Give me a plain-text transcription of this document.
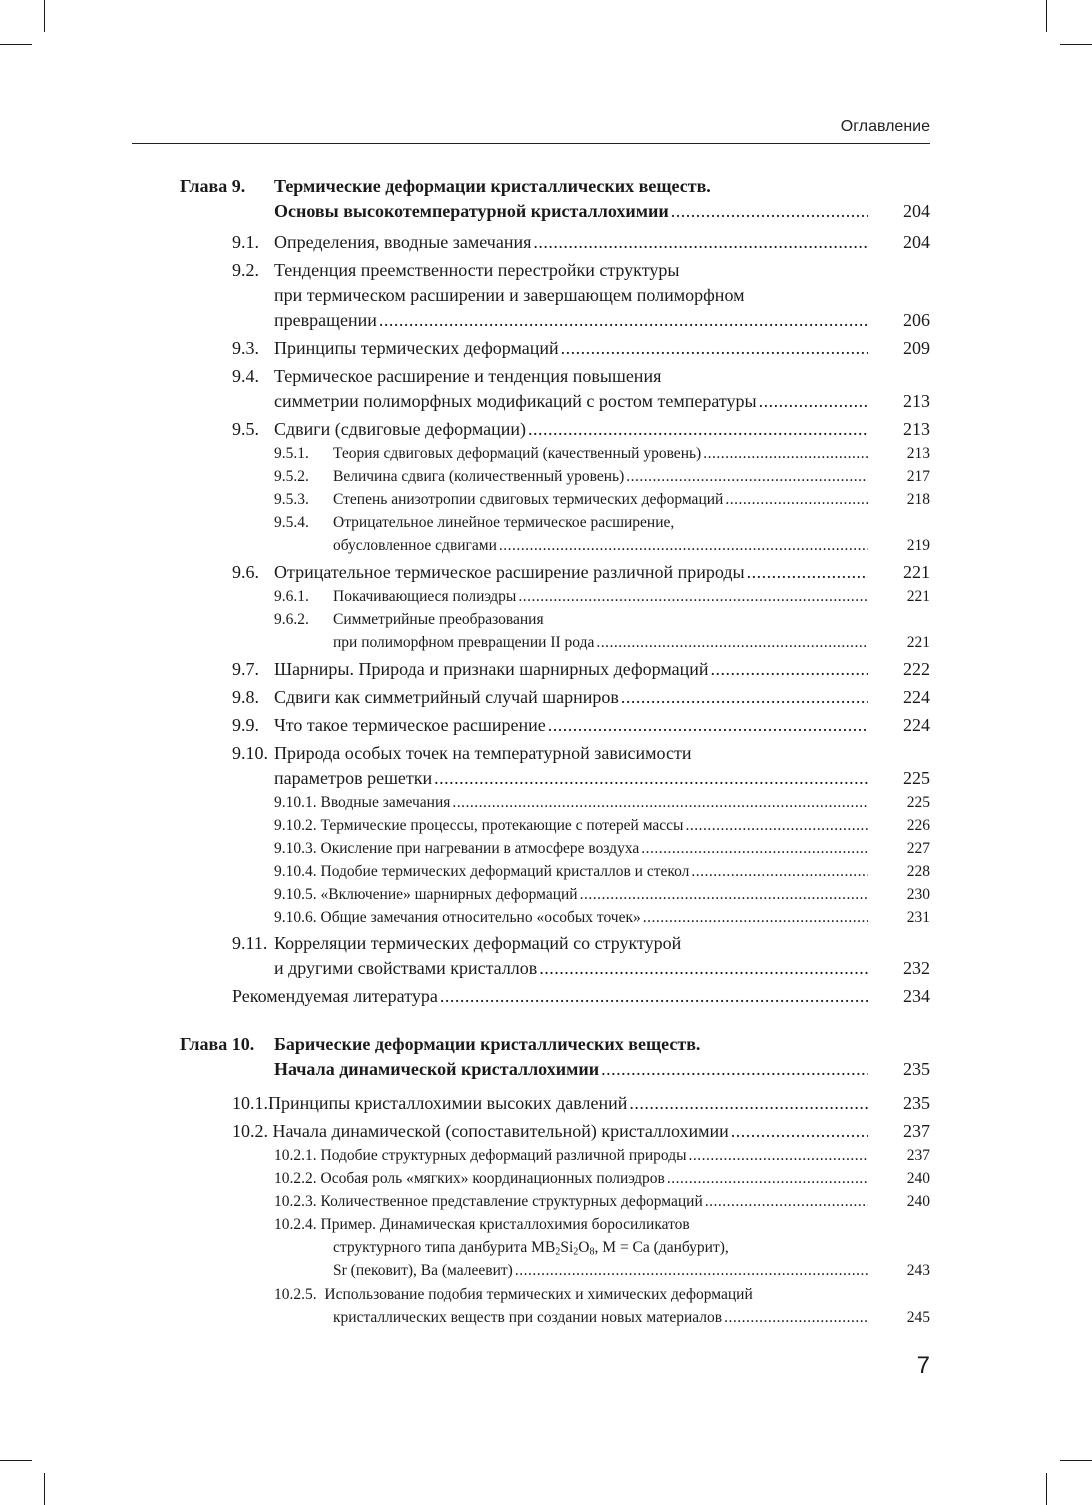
Оглавление
Глава 9. Термические деформации кристаллических веществ.
Основы высокотемпературной кристаллохимии .....	204
9.1. Определения, вводные замечания .....	204
9.2. Тенденция преемственности перестройки структуры
при термическом расширении и завершающем полиморфном
превращении .....	206
9.3. Принципы термических деформаций .....	209
9.4. Термическое расширение и тенденция повышения
симметрии полиморфных модификаций с ростом температуры .....	213
9.5. Сдвиги (сдвиговые деформации) .....	213
9.5.1. Теория сдвиговых деформаций (качественный уровень) .....	213
9.5.2. Величина сдвига (количественный уровень) .....	217
9.5.3. Степень анизотропии сдвиговых термических деформаций .....	218
9.5.4. Отрицательное линейное термическое расширение,
обусловленное сдвигами .....	219
9.6. Отрицательное термическое расширение различной природы .....	221
9.6.1. Покачивающиеся полиэдры .....	221
9.6.2. Симметрийные преобразования
при полиморфном превращении II рода .....	221
9.7. Шарниры. Природа и признаки шарнирных деформаций .....	222
9.8. Сдвиги как симметрийный случай шарниров .....	224
9.9. Что такое термическое расширение .....	224
9.10. Природа особых точек на температурной зависимости
параметров решетки .....	225
9.10.1. Вводные замечания .....	225
9.10.2. Термические процессы, протекающие с потерей массы .....	226
9.10.3. Окисление при нагревании в атмосфере воздуха .....	227
9.10.4. Подобие термических деформаций кристаллов и стекол .....	228
9.10.5. «Включение» шарнирных деформаций .....	230
9.10.6. Общие замечания относительно «особых точек» .....	231
9.11. Корреляции термических деформаций со структурой
и другими свойствами кристаллов .....	232
Рекомендуемая литература .....	234
Глава 10. Барические деформации кристаллических веществ.
Начала динамической кристаллохимии .....	235
10.1.Принципы кристаллохимии высоких давлений .....	235
10.2. Начала динамической (сопоставительной) кристаллохимии .....	237
10.2.1. Подобие структурных деформаций различной природы .....	237
10.2.2. Особая роль «мягких» координационных полиэдров .....	240
10.2.3. Количественное представление структурных деформаций .....	240
10.2.4. Пример. Динамическая кристаллохимия боросиликатов
структурного типа данбурита $MB_2Si_2O_8$, M = Ca (данбурит),
Sr (пековит), Ва (малеевит) .....	243
10.2.5. Использование подобия термических и химических деформаций
кристаллических веществ при создании новых материалов .....	245
7
